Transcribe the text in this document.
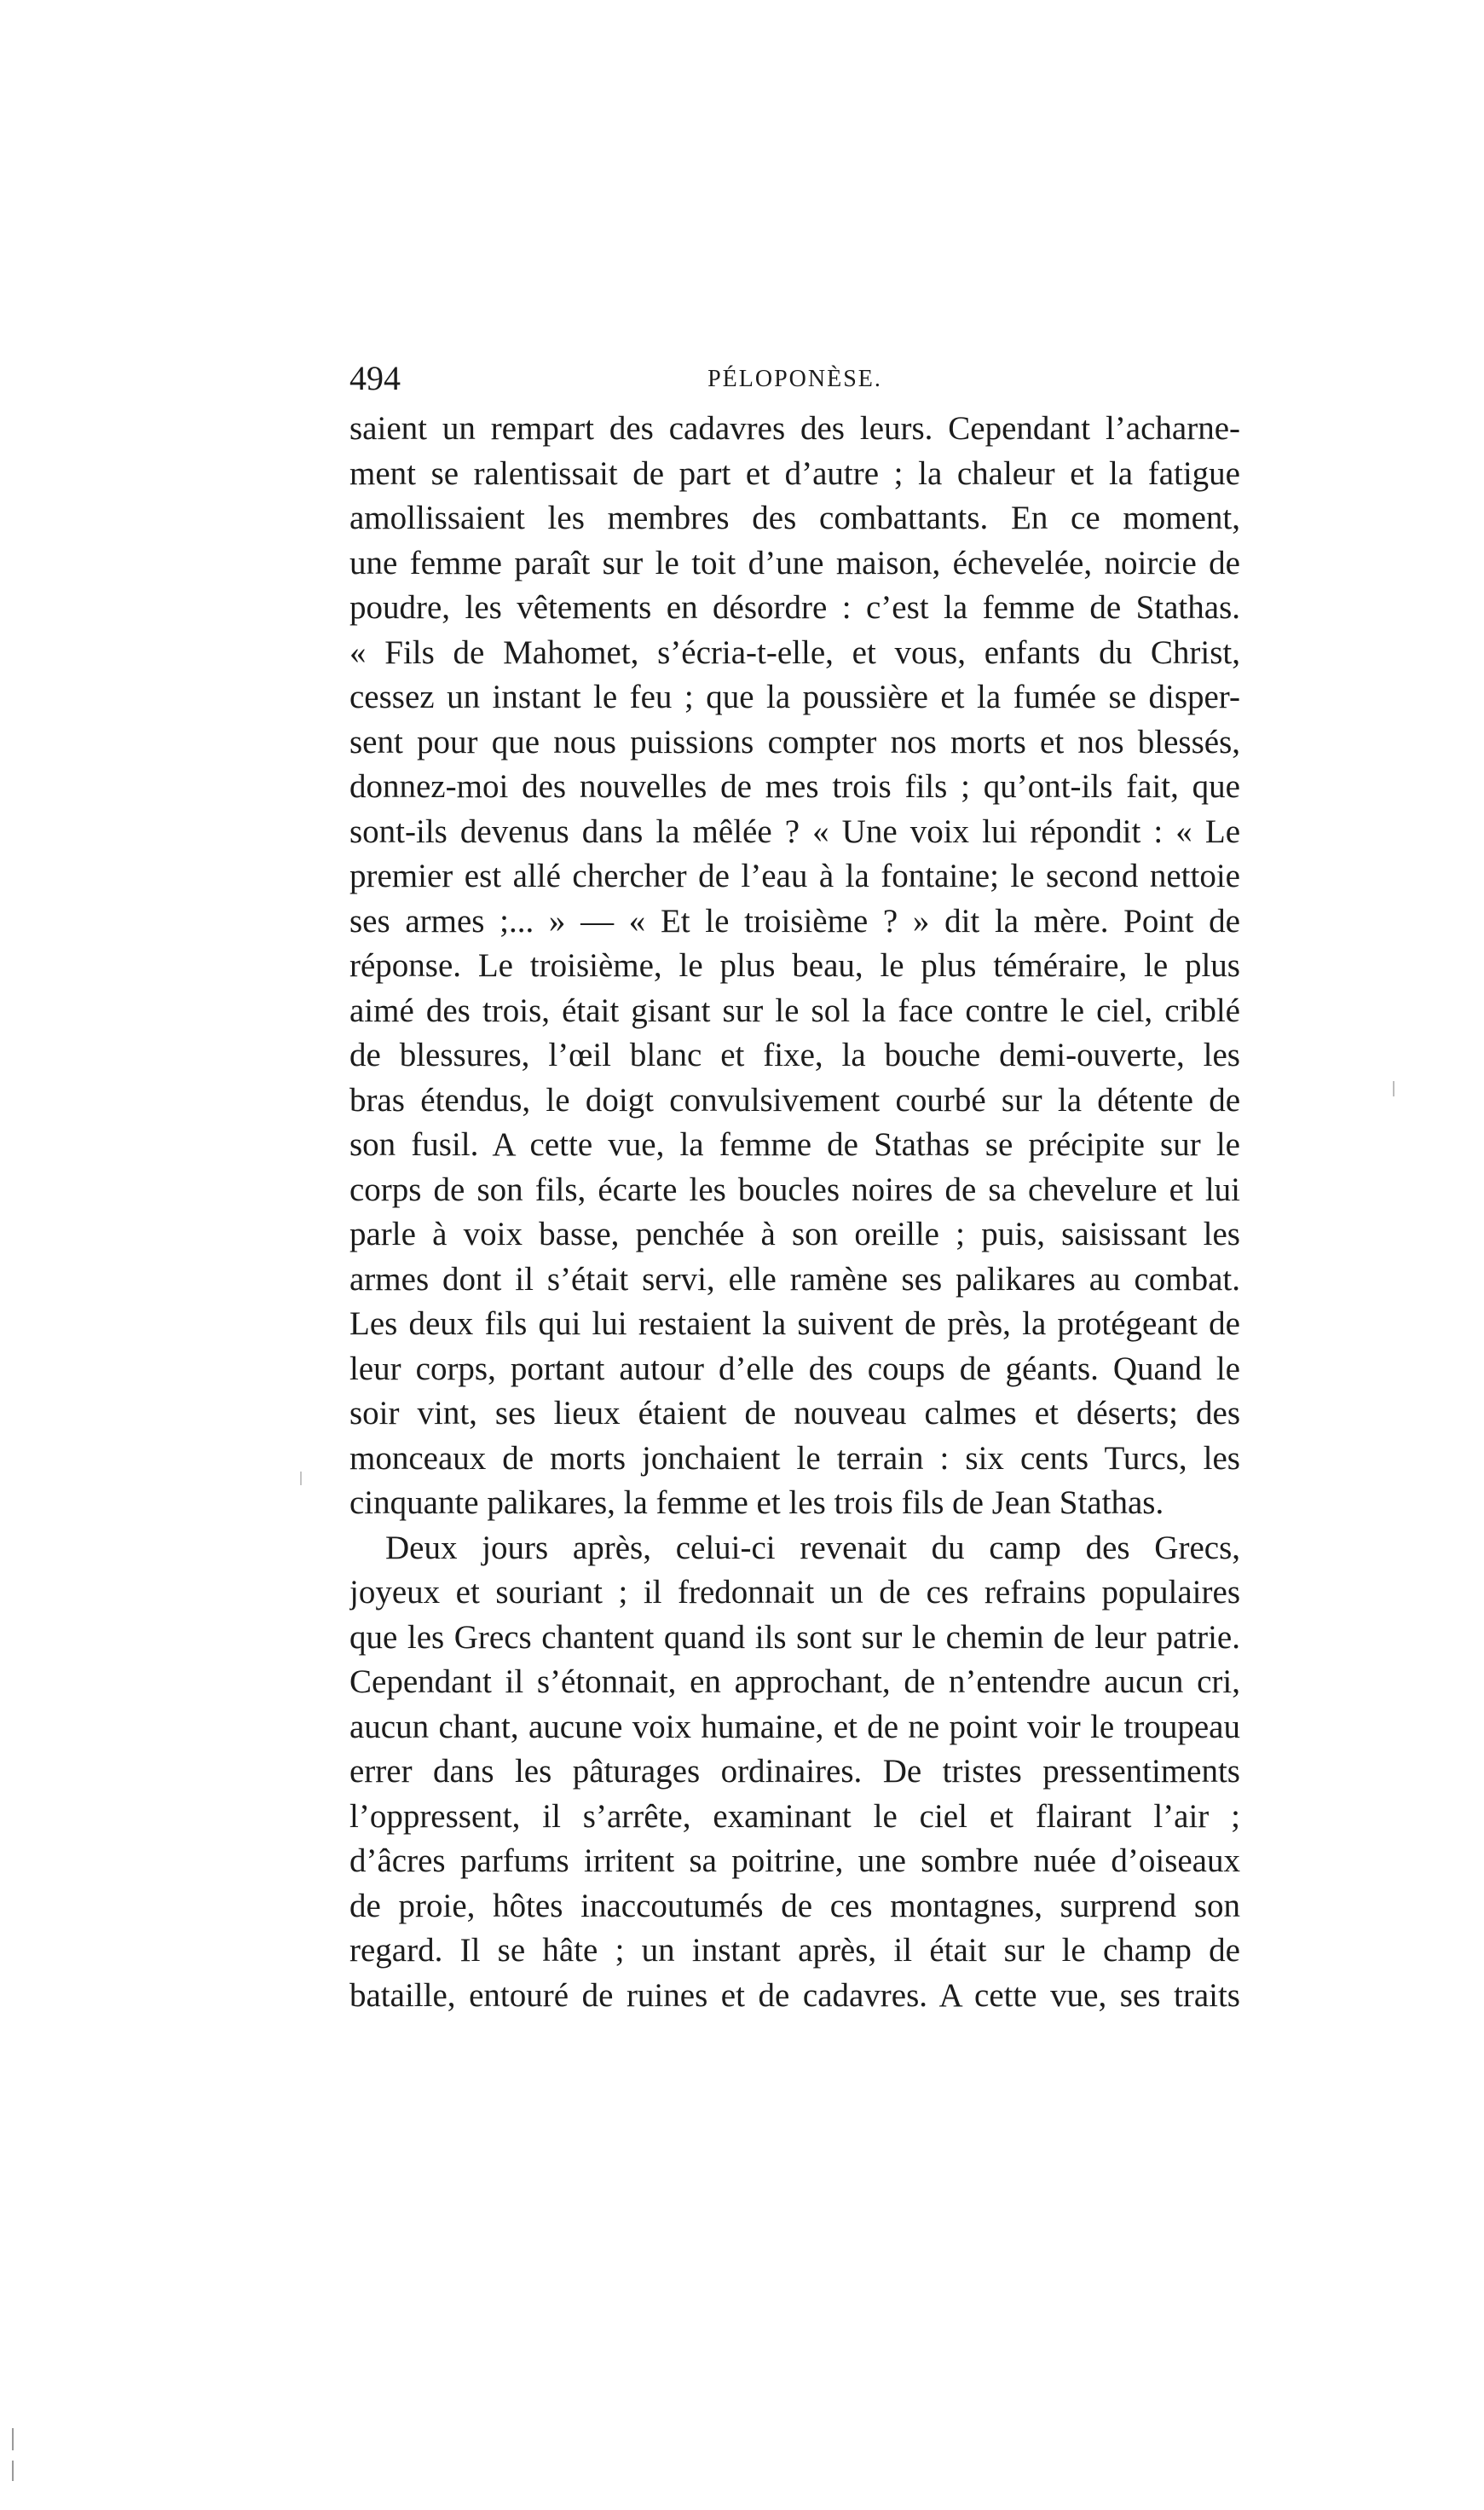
494	PÉLOPONÈSE.
saient un rempart des cadavres des leurs. Cependant l’acharne-
ment se ralentissait de part et d’autre ; la chaleur et la fatigue
amollissaient les membres des combattants. En ce moment,
une femme paraît sur le toit d’une maison, échevelée, noircie de
poudre, les vêtements en désordre : c’est la femme de Stathas.
« Fils de Mahomet, s’écria-t-elle, et vous, enfants du Christ,
cessez un instant le feu ; que la poussière et la fumée se disper-
sent pour que nous puissions compter nos morts et nos blessés,
donnez-moi des nouvelles de mes trois fils ; qu’ont-ils fait, que
sont-ils devenus dans la mêlée ? « Une voix lui répondit : « Le
premier est allé chercher de l’eau à la fontaine; le second nettoie
ses armes ;... » — « Et le troisième ? » dit la mère. Point de
réponse. Le troisième, le plus beau, le plus téméraire, le plus
aimé des trois, était gisant sur le sol la face contre le ciel, criblé
de blessures, l’œil blanc et fixe, la bouche demi-ouverte, les
bras étendus, le doigt convulsivement courbé sur la détente de
son fusil. A cette vue, la femme de Stathas se précipite sur le
corps de son fils, écarte les boucles noires de sa chevelure et lui
parle à voix basse, penchée à son oreille ; puis, saisissant les
armes dont il s’était servi, elle ramène ses palikares au combat.
Les deux fils qui lui restaient la suivent de près, la protégeant de
leur corps, portant autour d’elle des coups de géants. Quand le
soir vint, ses lieux étaient de nouveau calmes et déserts; des
monceaux de morts jonchaient le terrain : six cents Turcs, les
cinquante palikares, la femme et les trois fils de Jean Stathas.
Deux jours après, celui-ci revenait du camp des Grecs,
joyeux et souriant ; il fredonnait un de ces refrains populaires
que les Grecs chantent quand ils sont sur le chemin de leur patrie.
Cependant il s’étonnait, en approchant, de n’entendre aucun cri,
aucun chant, aucune voix humaine, et de ne point voir le troupeau
errer dans les pâturages ordinaires. De tristes pressentiments
l’oppressent, il s’arrête, examinant le ciel et flairant l’air ;
d’âcres parfums irritent sa poitrine, une sombre nuée d’oiseaux
de proie, hôtes inaccoutumés de ces montagnes, surprend son
regard. Il se hâte ; un instant après, il était sur le champ de
bataille, entouré de ruines et de cadavres. A cette vue, ses traits
